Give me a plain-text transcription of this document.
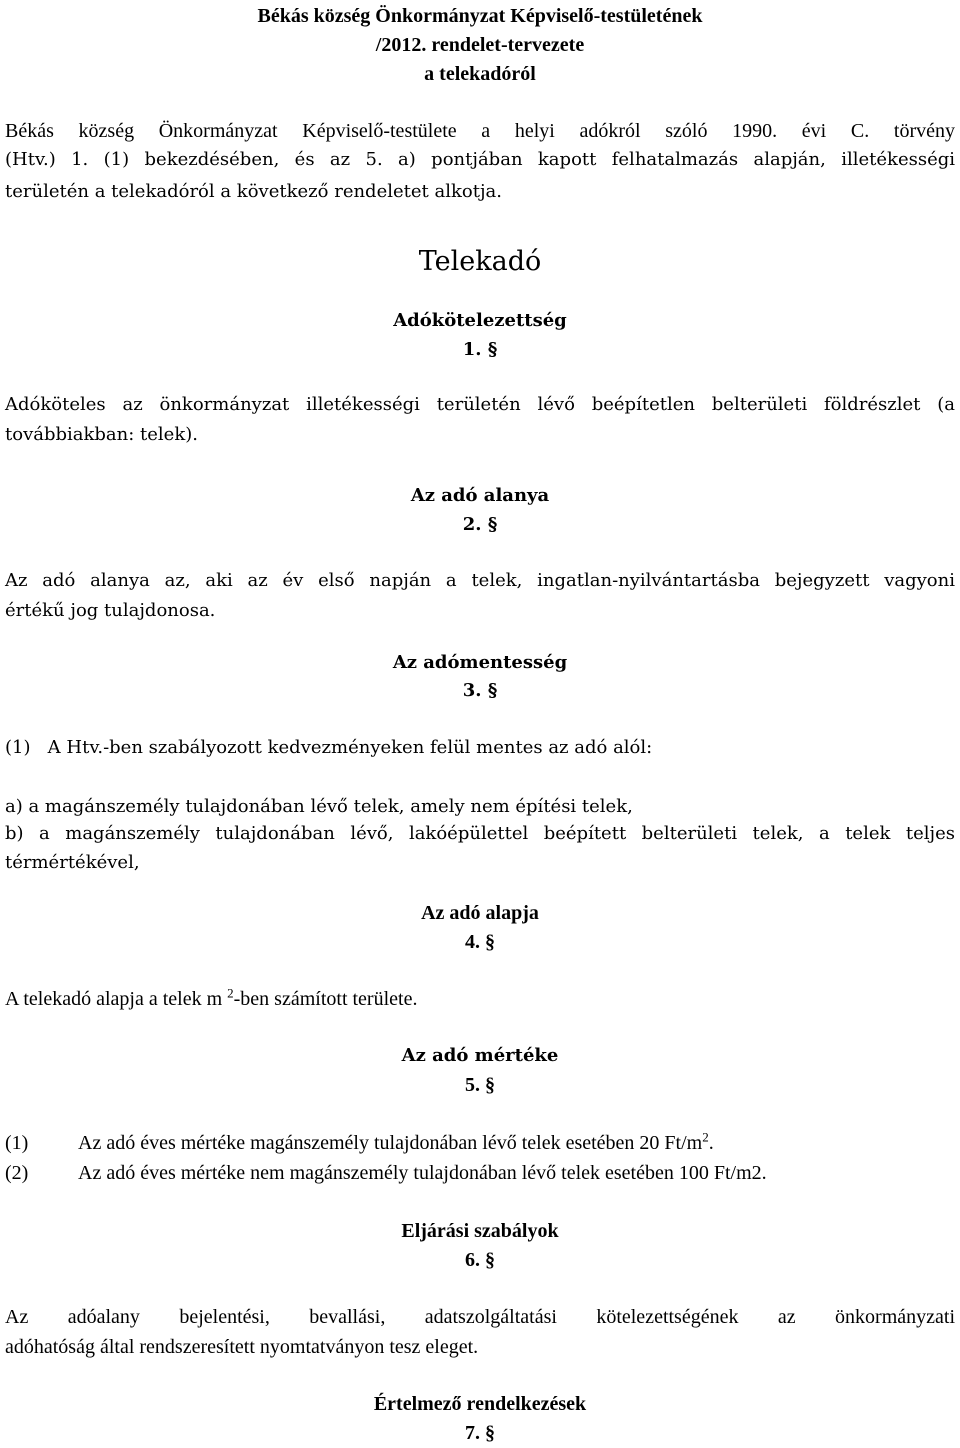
Békás község Önkormányzat Képviselő-testületének

/2012. rendelet-tervezete

a telekadóról

Békás község Önkormányzat Képviselő-testülete a helyi adókról szóló 1990. évi C. törvény

(Htv.) 1. (1) bekezdésében, és az 5. a) pontjában kapott felhatalmazás alapján, illetékességi

területén a telekadóról a következő rendeletet alkotja.

Telekadó

Adókötelezettség

1. §

Adóköteles az önkormányzat illetékességi területén lévő beépítetlen belterületi földrészlet (a

továbbiakban: telek).

Az adó alanya

2. §

Az adó alanya az, aki az év első napján a telek, ingatlan-nyilvántartásba bejegyzett vagyoni

értékű jog tulajdonosa.

Az adómentesség

3. §

(1)   A Htv.-ben szabályozott kedvezményeken felül mentes az adó alól:

a) a magánszemély tulajdonában lévő telek, amely nem építési telek,

b) a magánszemély tulajdonában lévő, lakóépülettel beépített belterületi telek, a telek teljes

térmértékével,

Az adó alapja

4. §

A telekadó alapja a telek m $^2$-ben számított területe.

Az adó mértéke

5. §

(1) Az adó éves mértéke magánszemély tulajdonában lévő telek esetében 20 $Ft/m^2$.
(2) Az adó éves mértéke nem magánszemély tulajdonában lévő telek esetében 100 Ft/m2.

Eljárási szabályok

6. §

Az adóalany bejelentési, bevallási, adatszolgáltatási kötelezettségének az önkormányzati

adóhatóság által rendszeresített nyomtatványon tesz eleget.

Értelmező rendelkezések

7. §
